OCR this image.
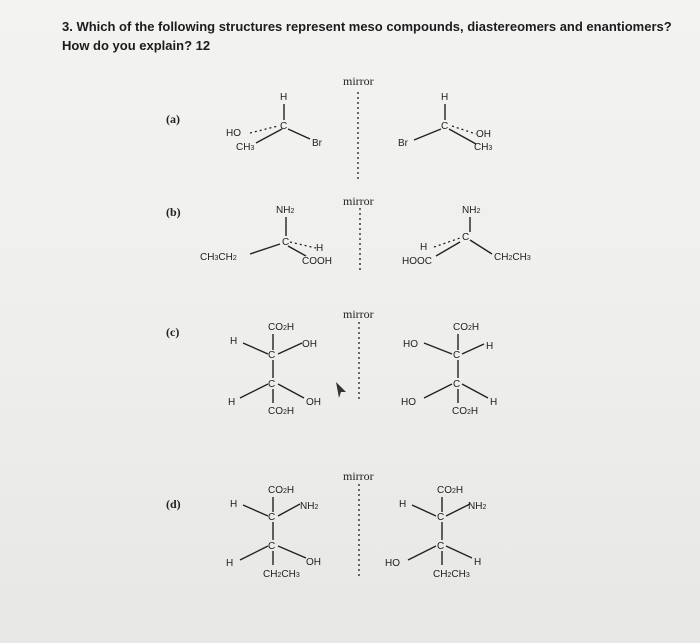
3. Which of the following structures represent meso compounds, diastereomers and enantiomers? How do you explain? 12
(a)
(b)
(c)
(d)
mirror
mirror
mirror
mirror
H
C
HO
CH3	Br
H
C
Br
OH
CH3
NH2
C
H
COOH
CH3CH2
NH2
C
H
HOOC	CH2CH3
CO2H
C
H	OH
C
H	OH
CO2H
CO2H
C
HO	H
C
HO	H
CO2H
CO2H
C
H	NH2
C
H	OH
CH2CH3
CO2H
C
H	NH2
C
HO	H
CH2CH3
